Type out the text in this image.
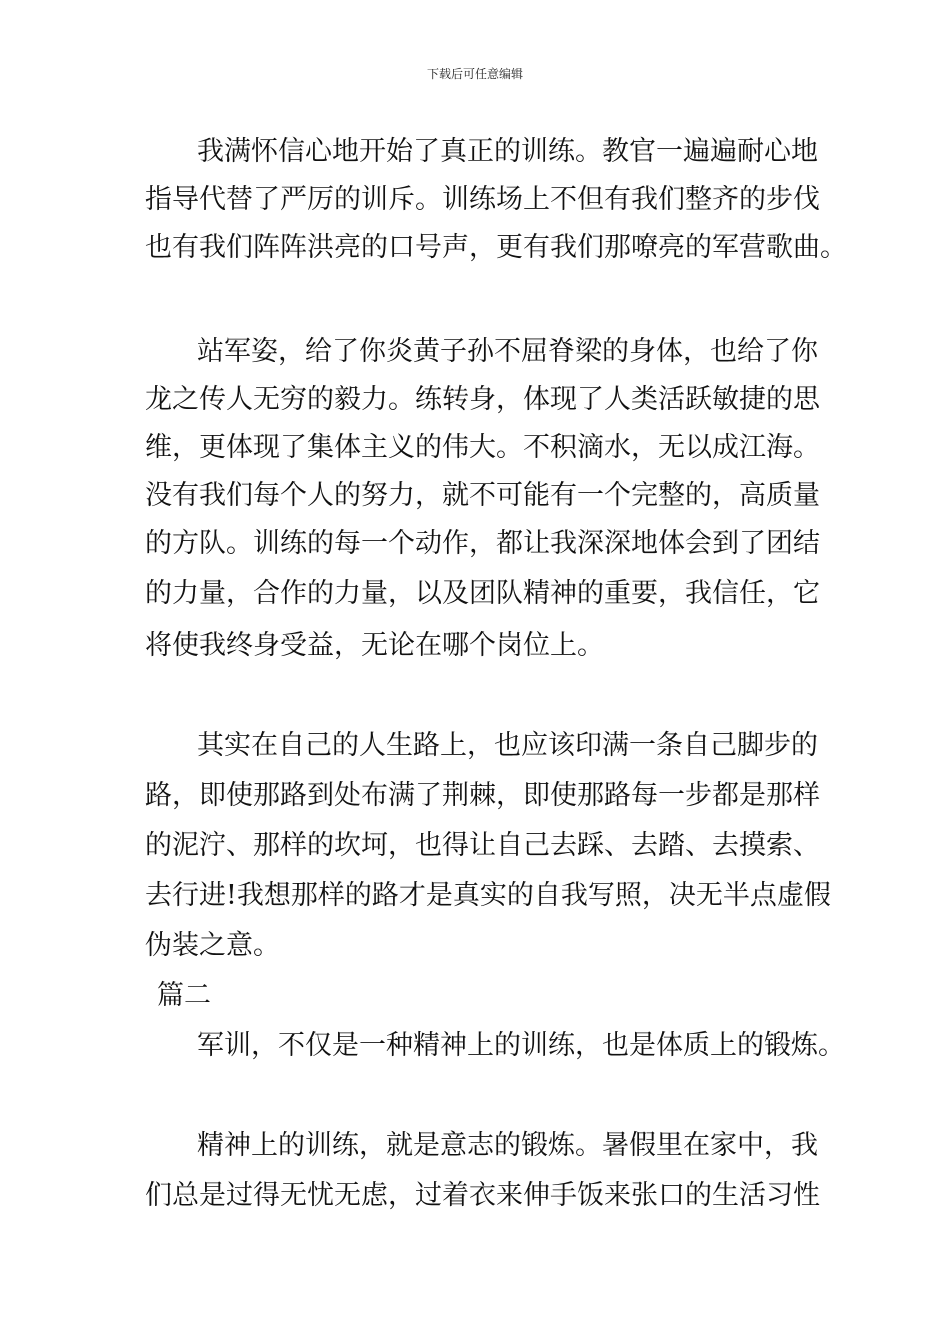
下载后可任意编辑
我满怀信心地开始了真正的训练。教官一遍遍耐心地
指导代替了严厉的训斥。训练场上不但有我们整齐的步伐
也有我们阵阵洪亮的口号声，更有我们那嘹亮的军营歌曲。
站军姿，给了你炎黄子孙不屈脊梁的身体，也给了你
龙之传人无穷的毅力。练转身，体现了人类活跃敏捷的思
维，更体现了集体主义的伟大。不积滴水，无以成江海。
没有我们每个人的努力，就不可能有一个完整的，高质量
的方队。训练的每一个动作，都让我深深地体会到了团结
的力量，合作的力量，以及团队精神的重要，我信任，它
将使我终身受益，无论在哪个岗位上。
其实在自己的人生路上，也应该印满一条自己脚步的
路，即使那路到处布满了荆棘，即使那路每一步都是那样
的泥泞、那样的坎坷，也得让自己去踩、去踏、去摸索、
去行进!我想那样的路才是真实的自我写照，决无半点虚假
伪装之意。
篇二
军训，不仅是一种精神上的训练，也是体质上的锻炼。
精神上的训练，就是意志的锻炼。暑假里在家中，我
们总是过得无忧无虑，过着衣来伸手饭来张口的生活习性
